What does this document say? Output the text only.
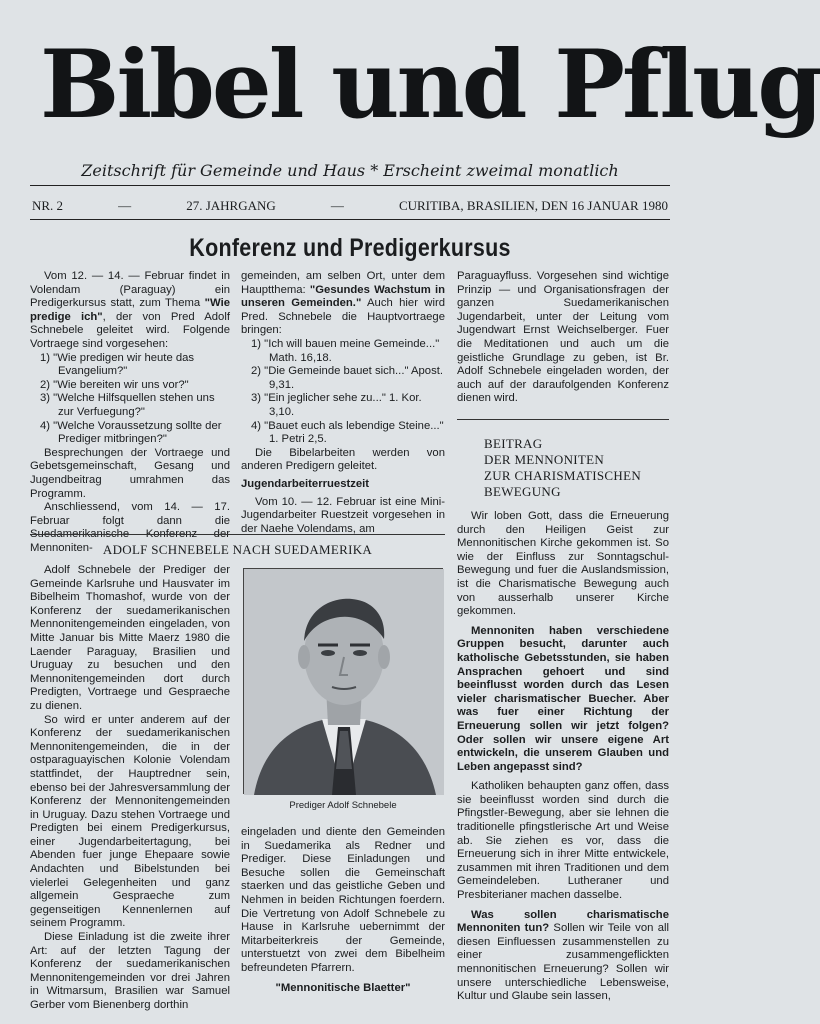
Bibel und Pflug
Zeitschrift für Gemeinde und Haus * Erscheint zweimal monatlich
NR. 2	—	27. JAHRGANG	—	CURITIBA, BRASILIEN, DEN 16 JANUAR 1980
Konferenz und Predigerkursus

Vom 12. — 14. — Februar findet in Volendam (Paraguay) ein Predigerkursus statt, zum Thema "Wie predige ich", der von Pred Adolf Schnebele geleitet wird. Folgende Vortraege sind vorgesehen:

1) "Wie predigen wir heute das Evangelium?"
2) "Wie bereiten wir uns vor?"
3) "Welche Hilfsquellen stehen uns zur Verfuegung?"
4) "Welche Voraussetzung sollte der Prediger mitbringen?"

Besprechungen der Vortraege und Gebetsgemeinschaft, Gesang und Jugendbeitrag umrahmen das Programm.

Anschliessend, vom 14. — 17. Februar folgt dann die Suedamerikanische Konferenz der Mennoniten-

gemeinden, am selben Ort, unter dem Hauptthema: "Gesundes Wachstum in unseren Gemeinden." Auch hier wird Pred. Schnebele die Hauptvortraege bringen:

1) "Ich will bauen meine Gemeinde..." Math. 16,18.
2) "Die Gemeinde bauet sich..." Apost. 9,31.
3) "Ein jeglicher sehe zu..." 1. Kor. 3,10.
4) "Bauet euch als lebendige Steine..." 1. Petri 2,5.

Die Bibelarbeiten werden von anderen Predigern geleitet.

Jugendarbeiterruestzeit

Vom 10. — 12. Februar ist eine Mini-Jugendarbeiter Ruestzeit vorgesehen in der Naehe Volendams, am

Paraguayfluss. Vorgesehen sind wichtige Prinzip — und Organisationsfragen der ganzen Suedamerikanischen Jugendarbeit, unter der Leitung vom Jugendwart Ernst Weichselberger. Fuer die Meditationen und auch um die geistliche Grundlage zu geben, ist Br. Adolf Schnebele eingeladen worden, der auch auf der daraufolgenden Konferenz dienen wird.

BEITRAG
DER MENNONITEN
ZUR CHARISMATISCHEN
BEWEGUNG

Wir loben Gott, dass die Erneuerung durch den Heiligen Geist zur Mennonitischen Kirche gekommen ist. So wie der Einfluss zur Sonntagschul-Bewegung und fuer die Auslandsmission, ist die Charismatische Bewegung auch von ausserhalb unserer Kirche gekommen.

Mennoniten haben verschiedene Gruppen besucht, darunter auch katholische Gebetsstunden, sie haben Ansprachen gehoert und sind beeinflusst worden durch das Lesen vieler charismatischer Buecher. Aber was fuer einer Richtung der Erneuerung sollen wir jetzt folgen? Oder sollen wir unsere eigene Art entwickeln, die unserem Glauben und Leben angepasst sind?

Katholiken behaupten ganz offen, dass sie beeinflusst worden sind durch die Pfingstler-Bewegung, aber sie lehnen die traditionelle pfingstlerische Art und Weise ab. Sie ziehen es vor, dass die Erneuerung sich in ihrer Mitte entwickele, zusammen mit ihren Traditionen und dem Gemeindeleben. Lutheraner und Presbiterianer machen dasselbe.

Was sollen charismatische Mennoniten tun? Sollen wir Teile von all diesen Einfluessen zusammenstellen zu einer zusammengeflickten mennonitischen Erneuerung? Sollen wir unsere unterschiedliche Lebensweise, Kultur und Glaube sein lassen,

ADOLF SCHNEBELE NACH SUEDAMERIKA

Adolf Schnebele der Prediger der Gemeinde Karlsruhe und Hausvater im Bibelheim Thomashof, wurde von der Konferenz der suedamerikanischen Mennonitengemeinden eingeladen, von Mitte Januar bis Mitte Maerz 1980 die Laender Paraguay, Brasilien und Uruguay zu besuchen und den Mennonitengemeinden dort durch Predigten, Vortraege und Gespraeche zu dienen.

So wird er unter anderem auf der Konferenz der suedamerikanischen Mennonitengemeinden, die in der ostparaguayischen Kolonie Volendam stattfindet, der Hauptredner sein, ebenso bei der Jahresversammlung der Konferenz der Mennonitengemeinden in Uruguay. Dazu stehen Vortraege und Predigten bei einem Predigerkursus, einer Jugendarbeitertagung, bei Abenden fuer junge Ehepaare sowie Andachten und Bibelstunden bei vielerlei Gelegenheiten und ganz allgemein Gespraeche zum gegenseitigen Kennenlernen auf seinem Programm.

Diese Einladung ist die zweite ihrer Art: auf der letzten Tagung der Konferenz der suedamerikanischen Mennonitengemeinden vor drei Jahren in Witmarsum, Brasilien war Samuel Gerber vom Bienenberg dorthin

Prediger Adolf Schnebele

eingeladen und diente den Gemeinden in Suedamerika als Redner und Prediger. Diese Einladungen und Besuche sollen die Gemeinschaft staerken und das geistliche Geben und Nehmen in beiden Richtungen foerdern. Die Vertretung von Adolf Schnebele zu Hause in Karlsruhe uebernimmt der Mitarbeiterkreis der Gemeinde, unterstuetzt von zwei dem Bibelheim befreundeten Pfarrern.

"Mennonitische Blaetter"
